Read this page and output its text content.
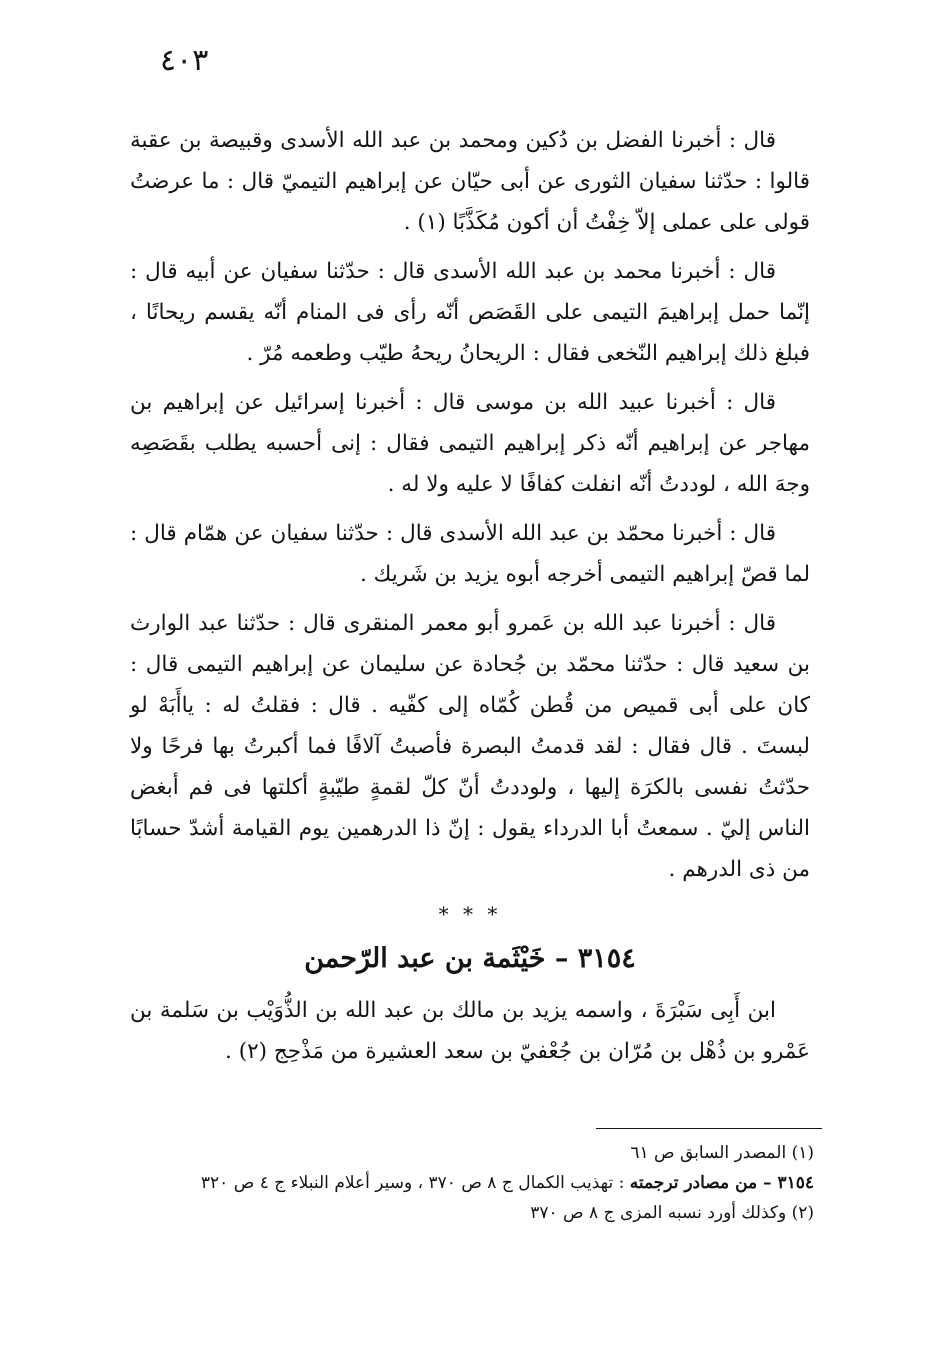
٤٠٣

قال : أخبرنا الفضل بن دُكين ومحمد بن عبد الله الأسدى وقبيصة بن عقبة قالوا : حدّثنا سفيان الثورى عن أبى حيّان عن إبراهيم التيميّ قال : ما عرضتُ قولى على عملى إلاّ خِفْتُ أن أكون مُكَذَّبًا (١) .

قال : أخبرنا محمد بن عبد الله الأسدى قال : حدّثنا سفيان عن أبيه قال : إنّما حمل إبراهيمَ التيمى على القَصَص أنّه رأى فى المنام أنّه يقسم ريحانًا ، فبلغ ذلك إبراهيم النّخعى فقال : الريحانُ ريحهُ طيّب وطعمه مُرّ .

قال : أخبرنا عبيد الله بن موسى قال : أخبرنا إسرائيل عن إبراهيم بن مهاجر عن إبراهيم أنّه ذكر إبراهيم التيمى فقال : إنى أحسبه يطلب بقَصَصِه وجهَ الله ، لوددتُ أنّه انفلت كفافًا لا عليه ولا له .

قال : أخبرنا محمّد بن عبد الله الأسدى قال : حدّثنا سفيان عن همّام قال : لما قصّ إبراهيم التيمى أخرجه أبوه يزيد بن شَريك .

قال : أخبرنا عبد الله بن عَمرو أبو معمر المنقرى قال : حدّثنا عبد الوارث بن سعيد قال : حدّثنا محمّد بن جُحادة عن سليمان عن إبراهيم التيمى قال : كان على أبى قميص من قُطن كُمّاه إلى كفّيه . قال : فقلتُ له : ياأَبَهْ لو لبستَ . قال فقال : لقد قدمتُ البصرة فأصبتُ آلافًا فما أكبرتُ بها فرحًا ولا حدّثتُ نفسى بالكرَة إليها ، ولوددتُ أنّ كلّ لقمةٍ طيّبةٍ أكلتها فى فم أبغض الناس إليّ . سمعتُ أبا الدرداء يقول : إنّ ذا الدرهمين يوم القيامة أشدّ حسابًا من ذى الدرهم .

* * *
٣١٥٤ – خَيْثَمة بن عبد الرّحمن

ابن أَبِى سَبْرَةَ ، واسمه يزيد بن مالك بن عبد الله بن الذُّوَيْب بن سَلمة بن عَمْرو بن ذُهْل بن مُرّان بن جُعْفيّ بن سعد العشيرة من مَذْحِج (٢) .

(١) المصدر السابق ص ٦١

٣١٥٤ – من مصادر ترجمته : تهذيب الكمال ج ٨ ص ٣٧٠ ، وسير أعلام النبلاء ج ٤ ص ٣٢٠

(٢) وكذلك أورد نسبه المزى ج ٨ ص ٣٧٠
